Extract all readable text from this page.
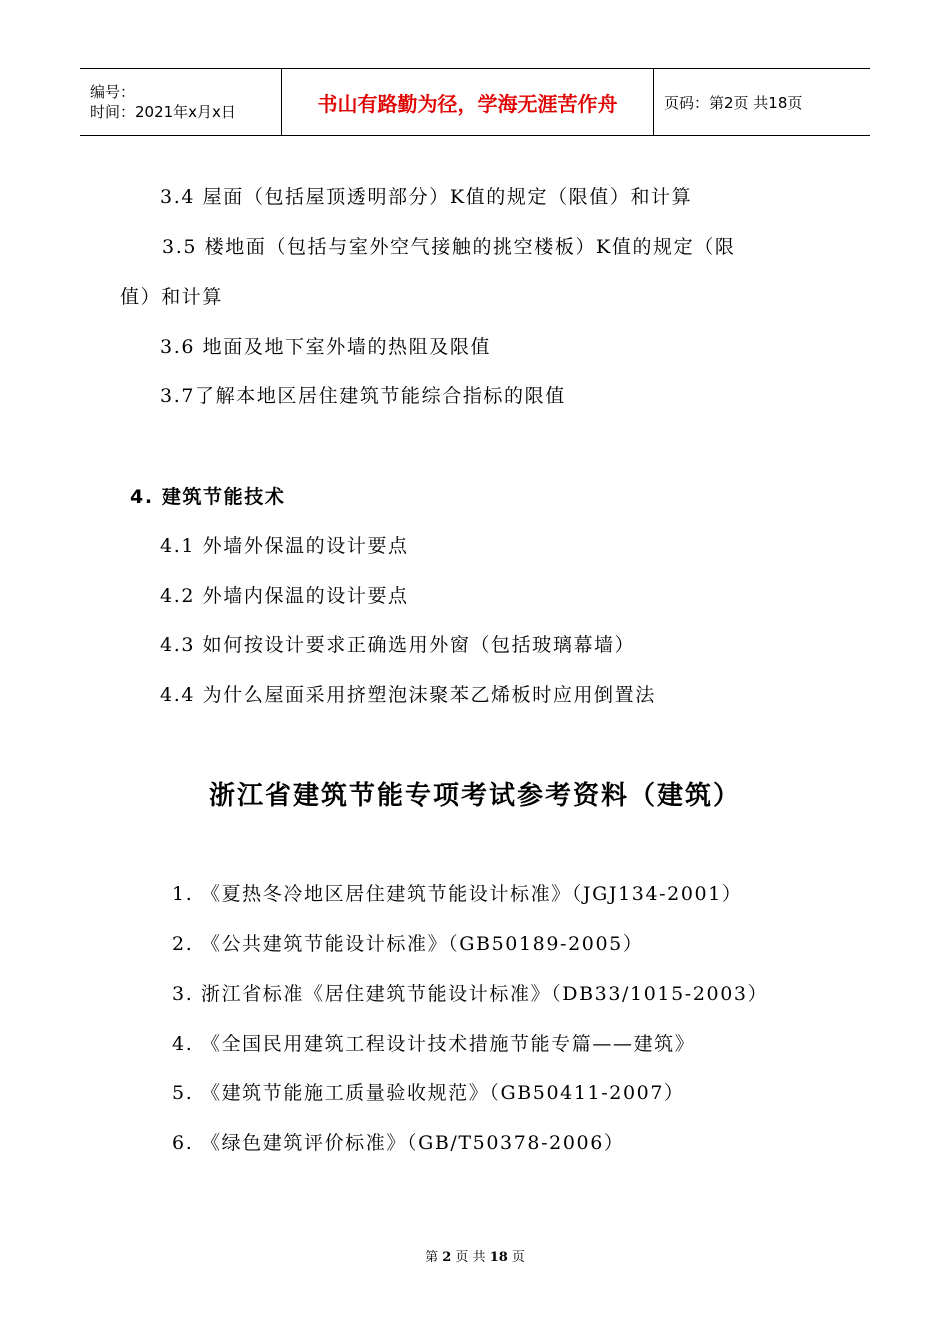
编号：
时间：2021年x月x日	书山有路勤为径，学海无涯苦作舟	页码：第2页 共18页
3.4 屋面（包括屋顶透明部分）K值的规定（限值）和计算
3.5 楼地面（包括与室外空气接触的挑空楼板）K值的规定（限
值）和计算
3.6 地面及地下室外墙的热阻及限值
3.7了解本地区居住建筑节能综合指标的限值
4. 建筑节能技术
4.1 外墙外保温的设计要点
4.2 外墙内保温的设计要点
4.3 如何按设计要求正确选用外窗（包括玻璃幕墙）
4.4 为什么屋面采用挤塑泡沫聚苯乙烯板时应用倒置法
浙江省建筑节能专项考试参考资料（建筑）
1. 《夏热冬冷地区居住建筑节能设计标准》（JGJ134-2001）
2. 《公共建筑节能设计标准》（GB50189-2005）
3. 浙江省标准《居住建筑节能设计标准》（DB33/1015-2003）
4. 《全国民用建筑工程设计技术措施节能专篇——建筑》
5. 《建筑节能施工质量验收规范》（GB50411-2007）
6. 《绿色建筑评价标准》（GB/T50378-2006）
第 2 页 共 18 页
